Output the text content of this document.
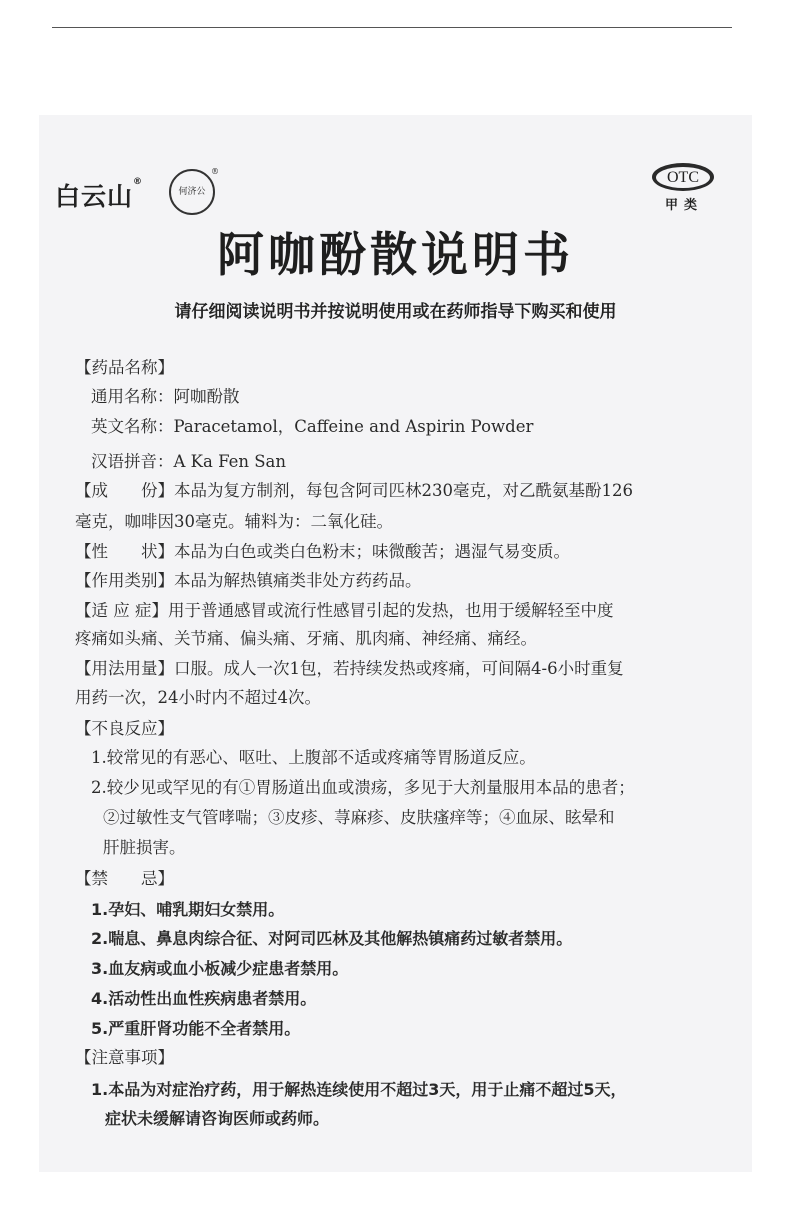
白云山®
何济公
®	OTC
甲类
阿咖酚散说明书
请仔细阅读说明书并按说明使用或在药师指导下购买和使用
【药品名称】
通用名称：阿咖酚散
英文名称：Paracetamol，Caffeine and Aspirin Powder
汉语拼音：A Ka Fen San
【成　　份】本品为复方制剂，每包含阿司匹林230毫克，对乙酰氨基酚126
毫克，咖啡因30毫克。辅料为：二氧化硅。
【性　　状】本品为白色或类白色粉末；味微酸苦；遇湿气易变质。
【作用类别】本品为解热镇痛类非处方药药品。
【适 应 症】用于普通感冒或流行性感冒引起的发热，也用于缓解轻至中度
疼痛如头痛、关节痛、偏头痛、牙痛、肌肉痛、神经痛、痛经。
【用法用量】口服。成人一次1包，若持续发热或疼痛，可间隔4-6小时重复
用药一次，24小时内不超过4次。
【不良反应】
1.较常见的有恶心、呕吐、上腹部不适或疼痛等胃肠道反应。
2.较少见或罕见的有①胃肠道出血或溃疡，多见于大剂量服用本品的患者；
②过敏性支气管哮喘；③皮疹、荨麻疹、皮肤瘙痒等；④血尿、眩晕和
肝脏损害。
【禁　　忌】
1.孕妇、哺乳期妇女禁用。
2.喘息、鼻息肉综合征、对阿司匹林及其他解热镇痛药过敏者禁用。
3.血友病或血小板减少症患者禁用。
4.活动性出血性疾病患者禁用。
5.严重肝肾功能不全者禁用。
【注意事项】
1.本品为对症治疗药，用于解热连续使用不超过3天，用于止痛不超过5天，
症状未缓解请咨询医师或药师。
